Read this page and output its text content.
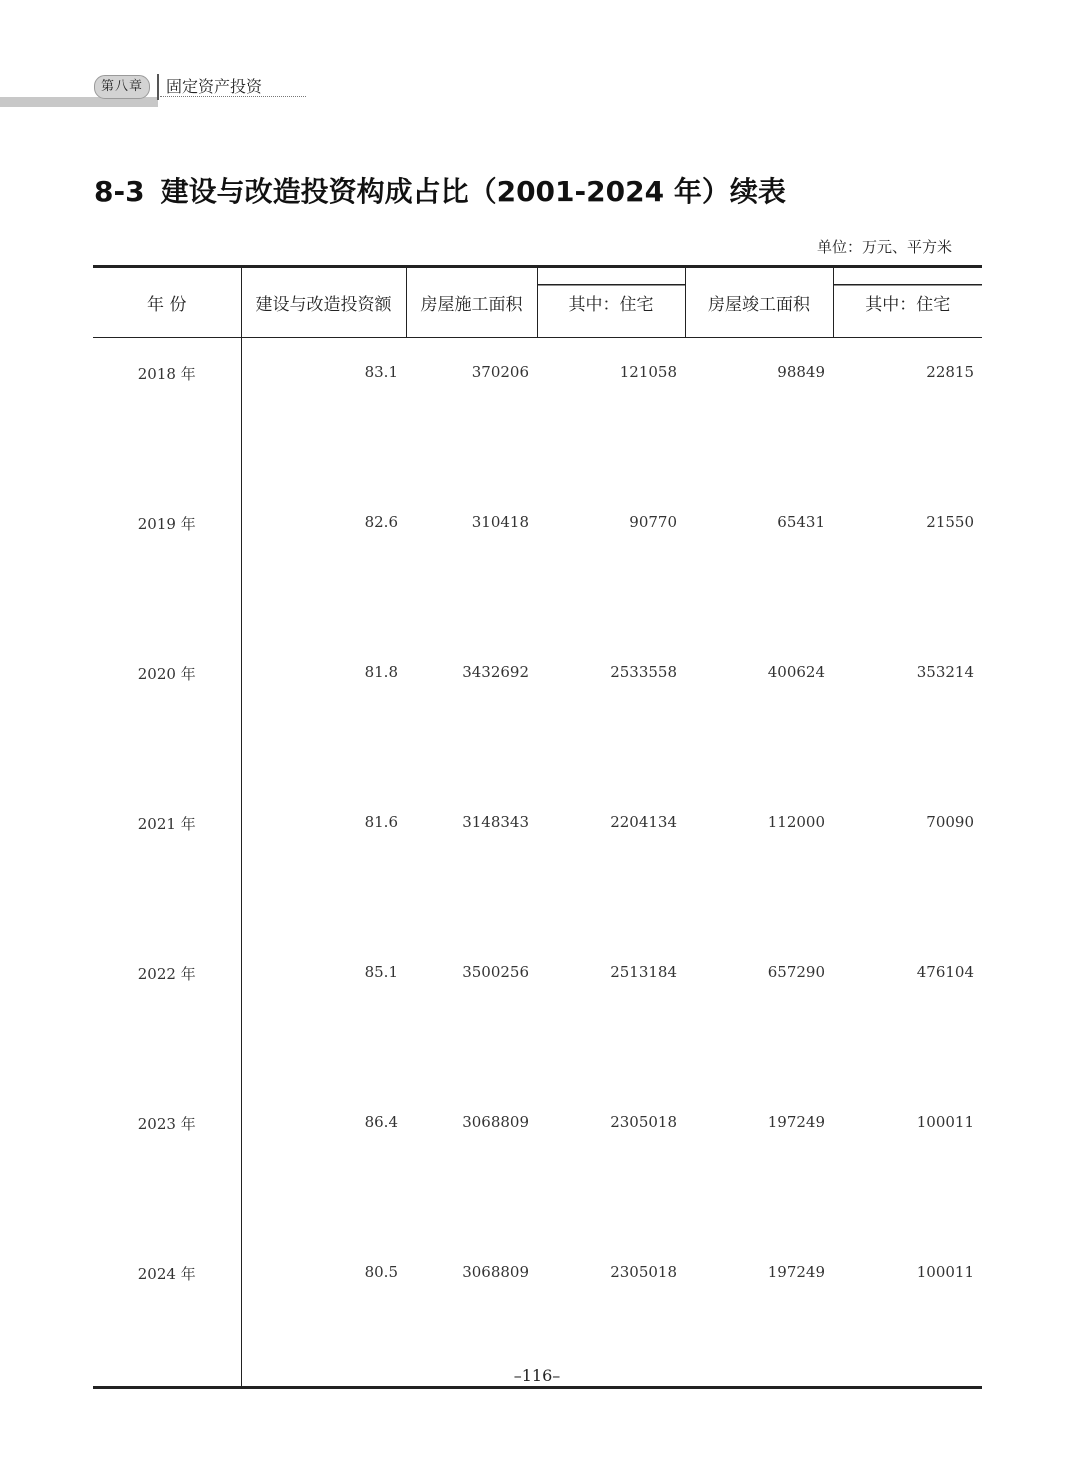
第八章	固定资产投资
8-3 建设与改造投资构成占比（2001-2024 年）续表
单位：万元、平方米
年 份	建设与改造投资额	房屋施工面积	其中：住宅	房屋竣工面积	其中：住宅
2018 年	83.1	370206	121058	98849	22815
2019 年	82.6	310418	90770	65431	21550
2020 年	81.8	3432692	2533558	400624	353214
2021 年	81.6	3148343	2204134	112000	70090
2022 年	85.1	3500256	2513184	657290	476104
2023 年	86.4	3068809	2305018	197249	100011
2024 年	80.5	3068809	2305018	197249	100011
–116–
